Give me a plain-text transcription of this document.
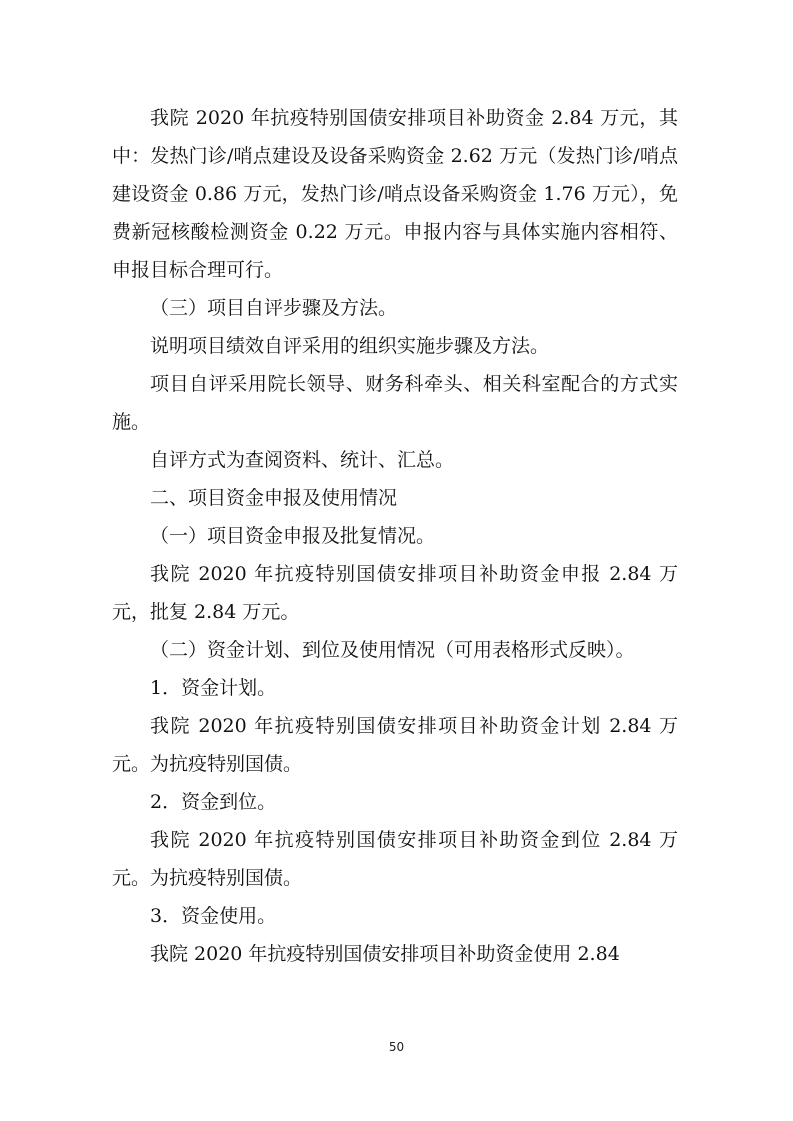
我院 2020 年抗疫特别国债安排项目补助资金 2.84 万元，其中：发热门诊/哨点建设及设备采购资金 2.62 万元（发热门诊/哨点建设资金 0.86 万元，发热门诊/哨点设备采购资金 1.76 万元），免费新冠核酸检测资金 0.22 万元。申报内容与具体实施内容相符、申报目标合理可行。

（三）项目自评步骤及方法。

说明项目绩效自评采用的组织实施步骤及方法。

项目自评采用院长领导、财务科牵头、相关科室配合的方式实施。

自评方式为查阅资料、统计、汇总。

二、项目资金申报及使用情况

（一）项目资金申报及批复情况。

我院 2020 年抗疫特别国债安排项目补助资金申报 2.84 万元，批复 2.84 万元。

（二）资金计划、到位及使用情况（可用表格形式反映）。

1．资金计划。

我院 2020 年抗疫特别国债安排项目补助资金计划 2.84 万元。为抗疫特别国债。

2．资金到位。

我院 2020 年抗疫特别国债安排项目补助资金到位 2.84 万元。为抗疫特别国债。

3．资金使用。

我院 2020 年抗疫特别国债安排项目补助资金使用 2.84

50
